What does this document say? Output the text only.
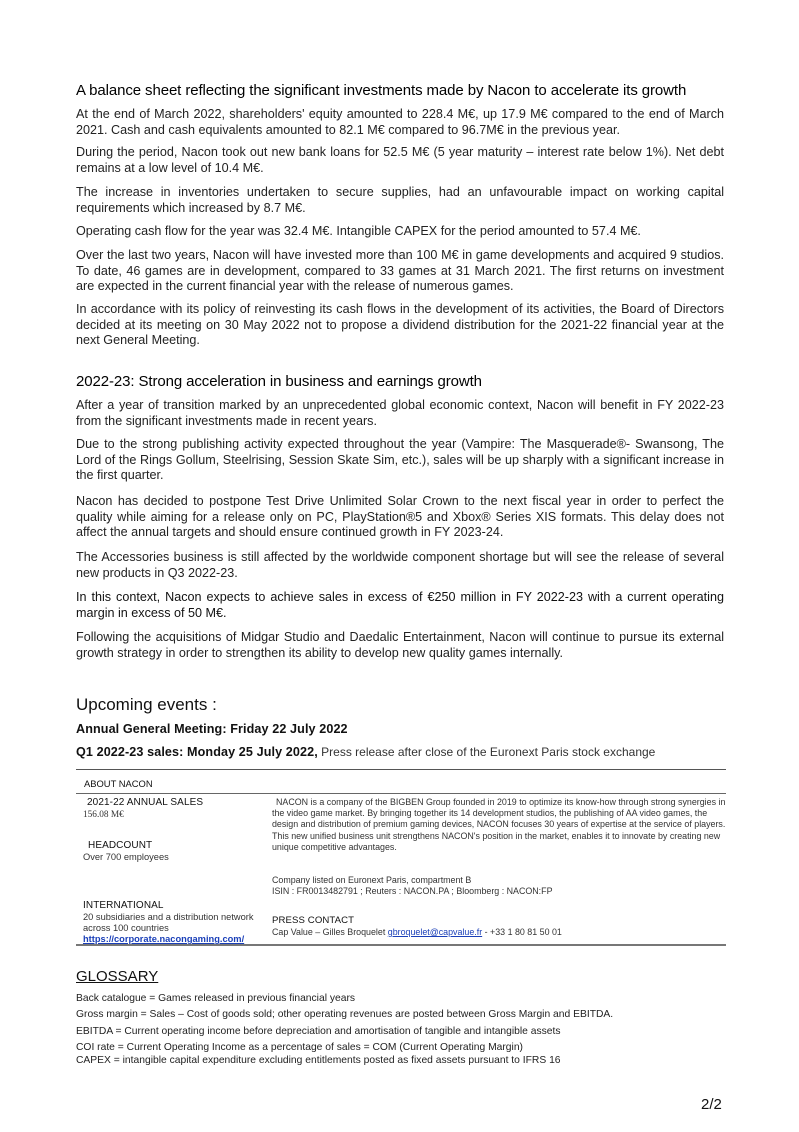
A balance sheet reflecting the significant investments made by Nacon to accelerate its growth

At the end of March 2022, shareholders' equity amounted to 228.4 M€, up 17.9 M€ compared to the end of March 2021. Cash and cash equivalents amounted to 82.1 M€ compared to 96.7M€ in the previous year.

During the period, Nacon took out new bank loans for 52.5 M€ (5 year maturity – interest rate below 1%). Net debt remains at a low level of 10.4 M€.

The increase in inventories undertaken to secure supplies, had an unfavourable impact on working capital requirements which increased by 8.7 M€.

Operating cash flow for the year was 32.4 M€. Intangible CAPEX for the period amounted to 57.4 M€.

Over the last two years, Nacon will have invested more than 100 M€ in game developments and acquired 9 studios. To date, 46 games are in development, compared to 33 games at 31 March 2021. The first returns on investment are expected in the current financial year with the release of numerous games.

In accordance with its policy of reinvesting its cash flows in the development of its activities, the Board of Directors decided at its meeting on 30 May 2022 not to propose a dividend distribution for the 2021-22 financial year at the next General Meeting.

2022-23: Strong acceleration in business and earnings growth

After a year of transition marked by an unprecedented global economic context, Nacon will benefit in FY 2022-23 from the significant investments made in recent years.

Due to the strong publishing activity expected throughout the year (Vampire: The Masquerade®- Swansong, The Lord of the Rings Gollum, Steelrising, Session Skate Sim, etc.), sales will be up sharply with a significant increase in the first quarter.

Nacon has decided to postpone Test Drive Unlimited Solar Crown to the next fiscal year in order to perfect the quality while aiming for a release only on PC, PlayStation®5 and Xbox® Series XIS formats. This delay does not affect the annual targets and should ensure continued growth in FY 2023-24.

The Accessories business is still affected by the worldwide component shortage but will see the release of several new products in Q3 2022-23.

In this context, Nacon expects to achieve sales in excess of €250 million in FY 2022-23 with a current operating margin in excess of 50 M€.

Following the acquisitions of Midgar Studio and Daedalic Entertainment, Nacon will continue to pursue its external growth strategy in order to strengthen its ability to develop new quality games internally.

Upcoming events :
Annual General Meeting: Friday 22 July 2022
Q1 2022-23 sales: Monday 25 July 2022, Press release after close of the Euronext Paris stock exchange
ABOUT NACON
2021-22 ANNUAL SALES
156.08 M€
HEADCOUNT
Over 700 employees
INTERNATIONAL
20 subsidiaries and a distribution network
across 100 countries
https://corporate.nacongaming.com/

NACON is a company of the BIGBEN Group founded in 2019 to optimize its know-how through strong synergies in the video game market. By bringing together its 14 development studios, the publishing of AA video games, the design and distribution of premium gaming devices, NACON focuses 30 years of expertise at the service of players. This new unified business unit strengthens NACON's position in the market, enables it to innovate by creating new unique competitive advantages.

Company listed on Euronext Paris, compartment B
ISIN : FR0013482791 ; Reuters : NACON.PA ; Bloomberg : NACON:FP
PRESS CONTACT
Cap Value – Gilles Broquelet gbroquelet@capvalue.fr - +33 1 80 81 50 01
GLOSSARY
Back catalogue = Games released in previous financial years
Gross margin = Sales – Cost of goods sold; other operating revenues are posted between Gross Margin and EBITDA.
EBITDA = Current operating income before depreciation and amortisation of tangible and intangible assets
COI rate = Current Operating Income as a percentage of sales = COM (Current Operating Margin)
CAPEX = intangible capital expenditure excluding entitlements posted as fixed assets pursuant to IFRS 16
2/2
